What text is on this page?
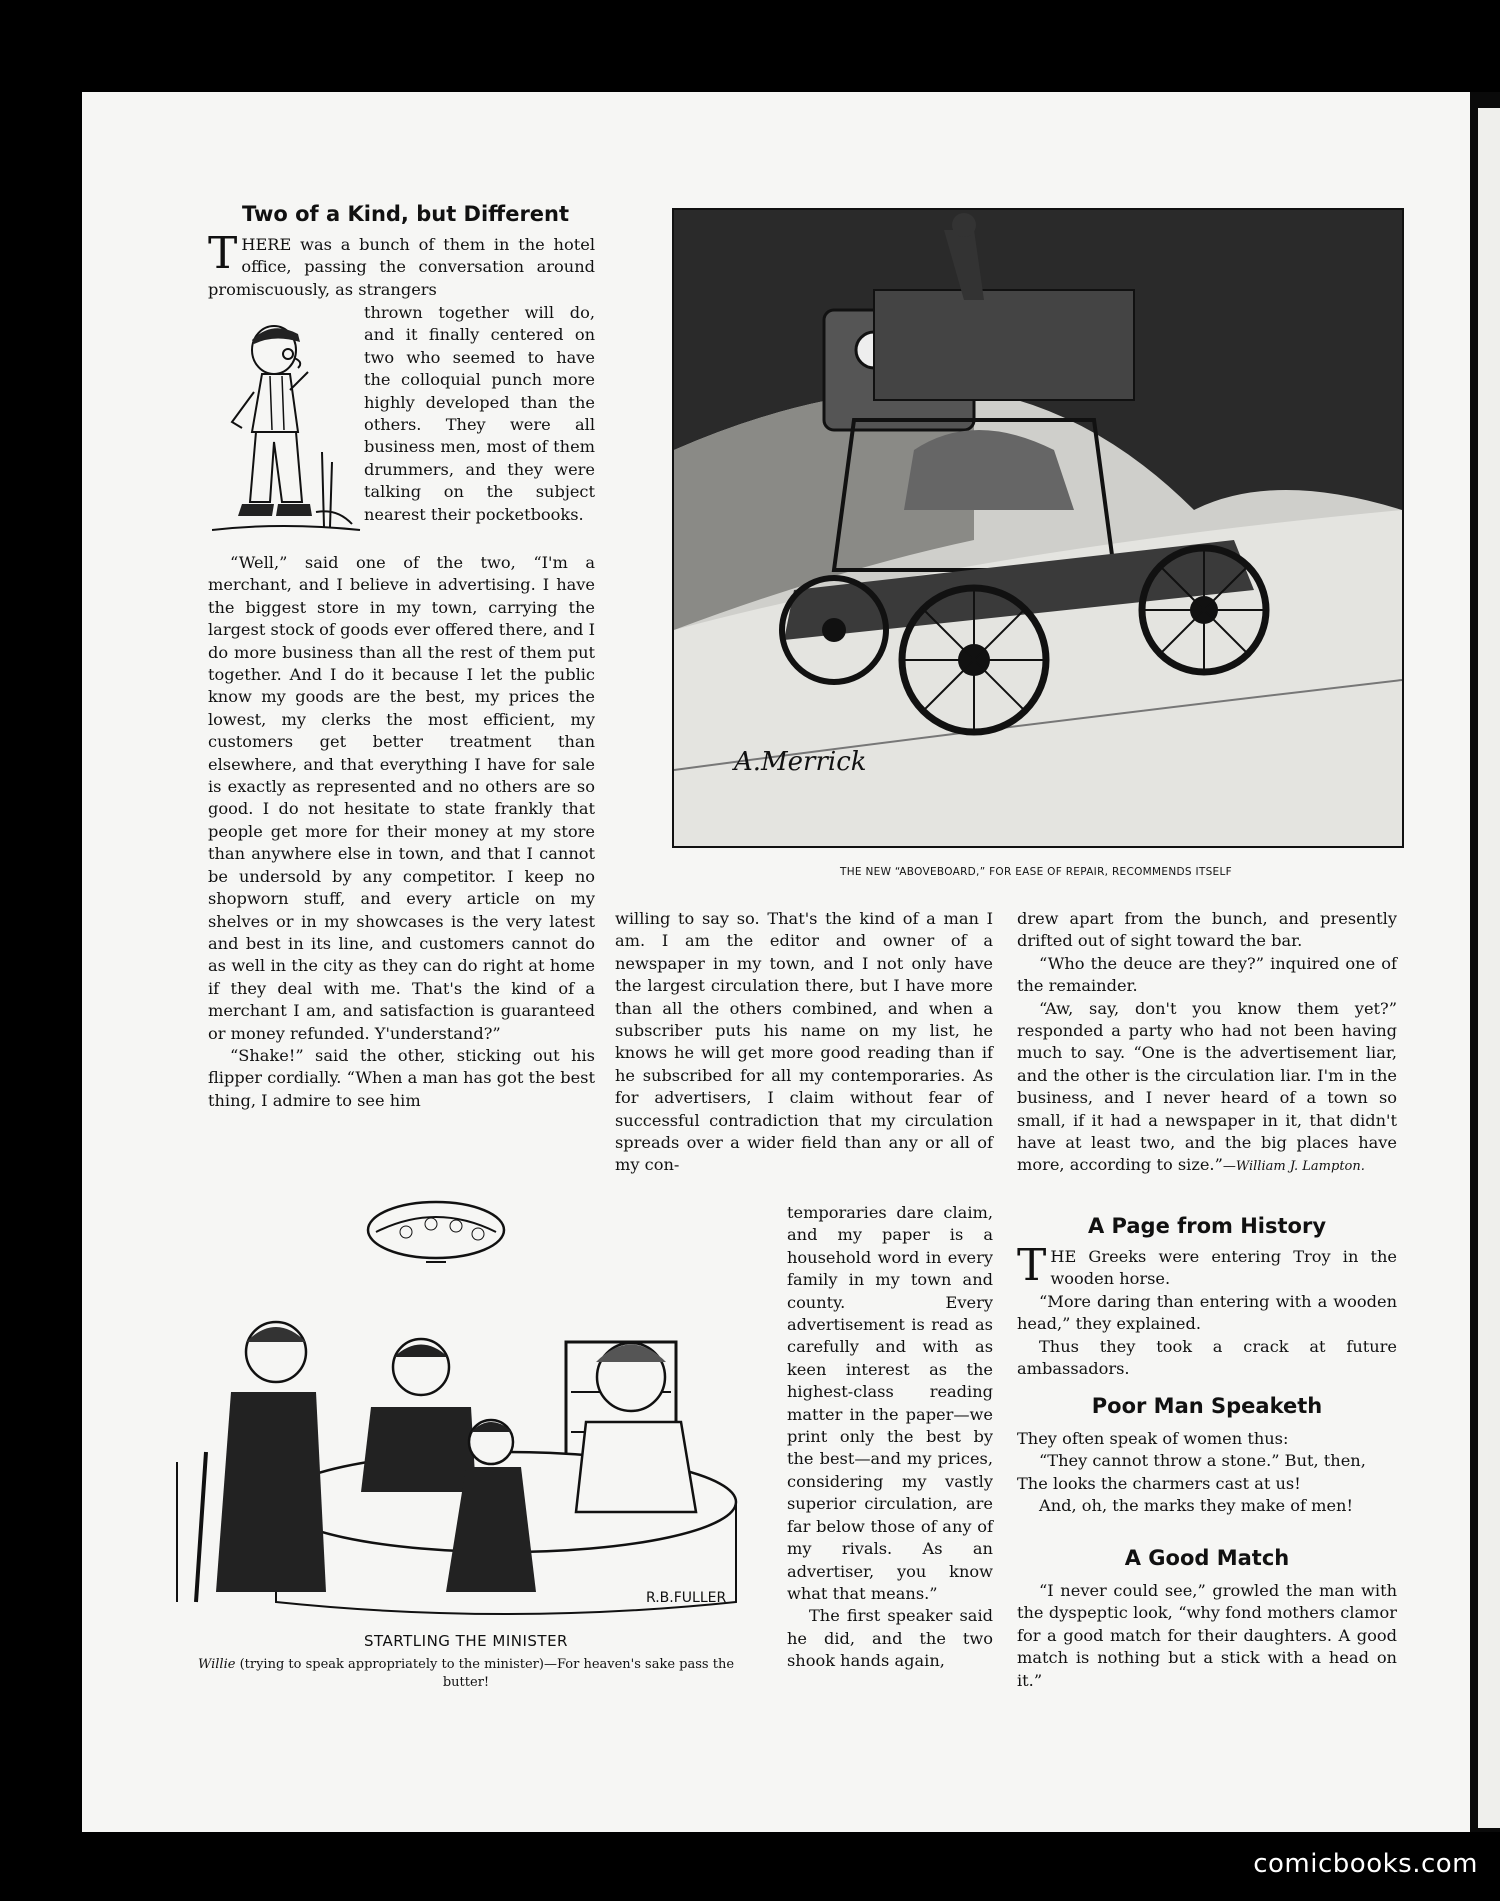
Two of a Kind, but Different

THERE was a bunch of them in the hotel office, passing the conversation around promiscuously, as strangers

thrown together will do, and it finally centered on two who seemed to have the colloquial punch more highly developed than the others. They were all business men, most of them drummers, and they were talking on the subject nearest their pocketbooks.

“Well,” said one of the two, “I'm a merchant, and I believe in advertising. I have the biggest store in my town, carrying the largest stock of goods ever offered there, and I do more business than all the rest of them put together. And I do it because I let the public know my goods are the best, my prices the lowest, my clerks the most efficient, my customers get better treatment than elsewhere, and that everything I have for sale is exactly as represented and no others are so good. I do not hesitate to state frankly that people get more for their money at my store than anywhere else in town, and that I cannot be undersold by any competitor. I keep no shopworn stuff, and every article on my shelves or in my showcases is the very latest and best in its line, and customers cannot do as well in the city as they can do right at home if they deal with me. That's the kind of a merchant I am, and satisfaction is guaranteed or money refunded. Y'understand?”

“Shake!” said the other, sticking out his flipper cordially. “When a man has got the best thing, I admire to see him

A.Merrick
THE NEW “ABOVEBOARD,” FOR EASE OF REPAIR, RECOMMENDS ITSELF

willing to say so. That's the kind of a man I am. I am the editor and owner of a newspaper in my town, and I not only have the largest circulation there, but I have more than all the others combined, and when a subscriber puts his name on my list, he knows he will get more good reading than if he subscribed for all my contemporaries. As for advertisers, I claim without fear of successful contradiction that my circulation spreads over a wider field than any or all of my con-

R.B.FULLER
STARTLING THE MINISTER
Willie (trying to speak appropriately to the minister)—For heaven's sake pass the butter!

temporaries dare claim, and my paper is a household word in every family in my town and county. Every advertisement is read as carefully and with as keen interest as the highest-class reading matter in the paper—we print only the best by the best—and my prices, considering my vastly superior circulation, are far below those of any of my rivals. As an advertiser, you know what that means.”

The first speaker said he did, and the two shook hands again,

drew apart from the bunch, and presently drifted out of sight toward the bar.

“Who the deuce are they?” inquired one of the remainder.

“Aw, say, don't you know them yet?” responded a party who had not been having much to say. “One is the advertisement liar, and the other is the circulation liar. I'm in the business, and I never heard of a town so small, if it had a newspaper in it, that didn't have at least two, and the big places have more, according to size.”—William J. Lampton.

A Page from History

THE Greeks were entering Troy in the wooden horse.

“More daring than entering with a wooden head,” they explained.

Thus they took a crack at future ambassadors.

Poor Man Speaketh

They often speak of women thus:

“They cannot throw a stone.” But, then,

The looks the charmers cast at us!

And, oh, the marks they make of men!

A Good Match

“I never could see,” growled the man with the dyspeptic look, “why fond mothers clamor for a good match for their daughters. A good match is nothing but a stick with a head on it.”

comicbooks.com
